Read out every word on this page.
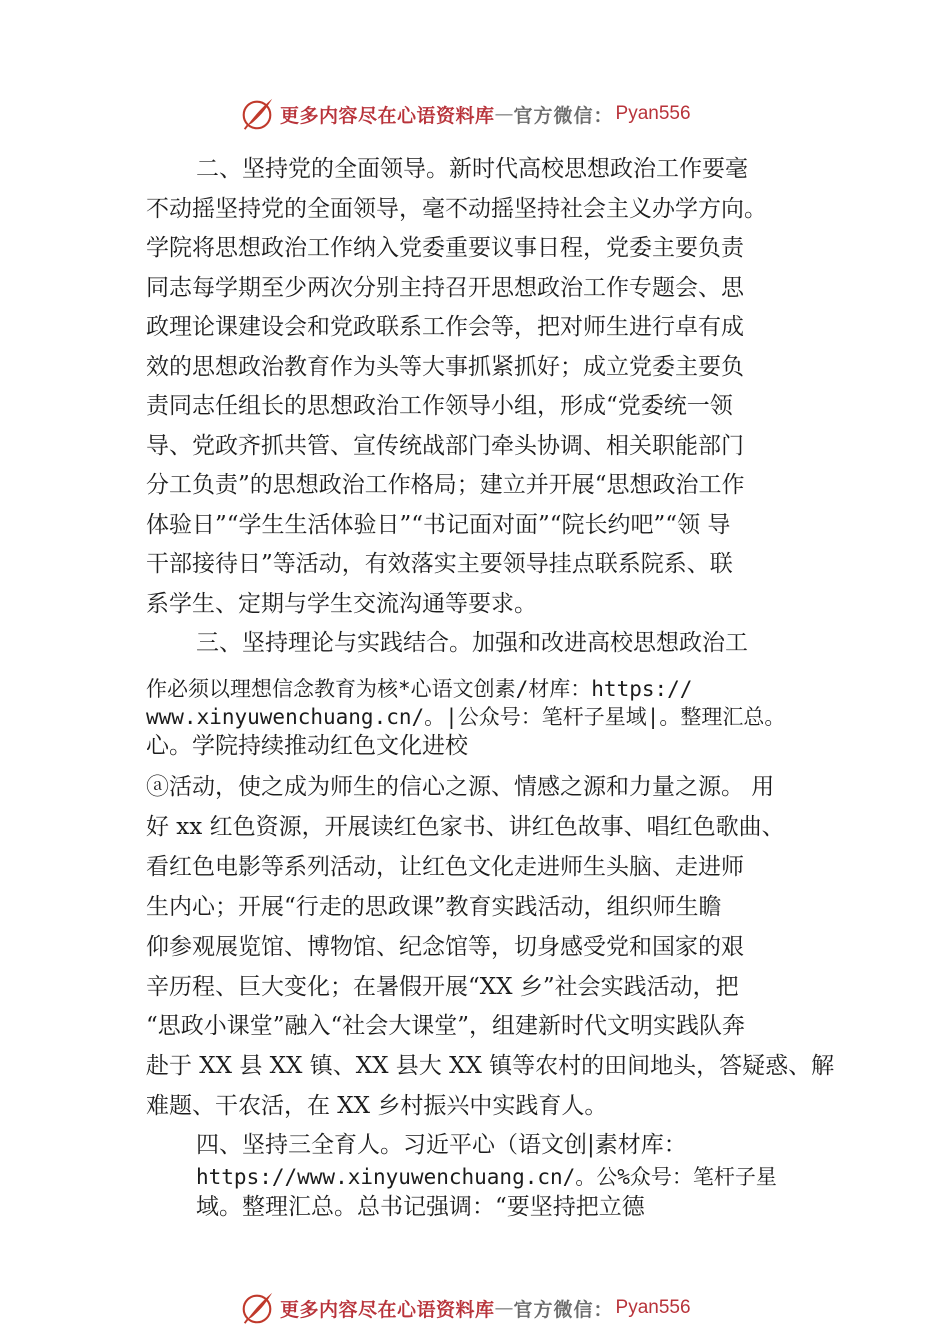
更多内容尽在心语资料库 — 官方微信： Pyan556
二、坚持党的全面领导。新时代高校思想政治工作要毫
不动摇坚持党的全面领导，毫不动摇坚持社会主义办学方向。
学院将思想政治工作纳入党委重要议事日程，党委主要负责
同志每学期至少两次分别主持召开思想政治工作专题会、思
政理论课建设会和党政联系工作会等，把对师生进行卓有成
效的思想政治教育作为头等大事抓紧抓好；成立党委主要负
责同志任组长的思想政治工作领导小组，形成“党委统一领
导、党政齐抓共管、宣传统战部门牵头协调、相关职能部门
分工负责”的思想政治工作格局；建立并开展“思想政治工作
体验日”“学生生活体验日”“书记面对面”“院长约吧”“领 导
干部接待日”等活动，有效落实主要领导挂点联系院系、联
系学生、定期与学生交流沟通等要求。
三、坚持理论与实践结合。加强和改进高校思想政治工
作必须以理想信念教育为核*心语文创素/材库：https://
www.xinyuwenchuang.cn/。|公众号：笔杆子星域|。整理汇总。
心。学院持续推动红色文化进校
ⓐ活动，使之成为师生的信心之源、情感之源和力量之源。 用
好 xx 红色资源，开展读红色家书、讲红色故事、唱红色歌曲、
看红色电影等系列活动，让红色文化走进师生头脑、走进师
生内心；开展“行走的思政课”教育实践活动，组织师生瞻
仰参观展览馆、博物馆、纪念馆等，切身感受党和国家的艰
辛历程、巨大变化；在暑假开展“XX 乡”社会实践活动，把
“思政小课堂”融入“社会大课堂”，组建新时代文明实践队奔
赴于 XX 县 XX 镇、XX 县大 XX 镇等农村的田间地头，答疑惑、解
难题、干农活，在 XX 乡村振兴中实践育人。
四、坚持三全育人。习近平心（语文创|素材库：
https://www.xinyuwenchuang.cn/。公%众号：笔杆子星
域。整理汇总。总书记强调：“要坚持把立德
更多内容尽在心语资料库 — 官方微信： Pyan556
